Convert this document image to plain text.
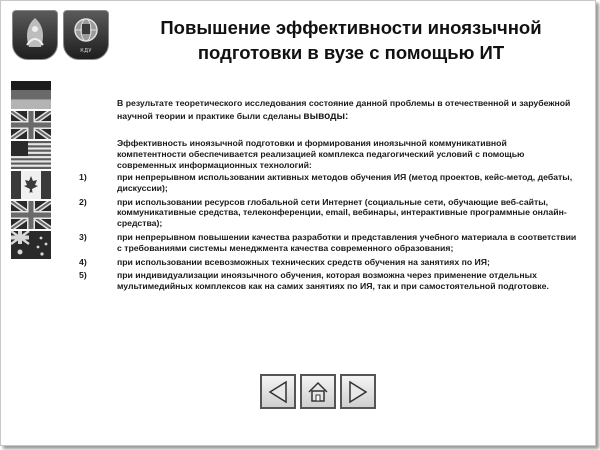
КДУ
Повышение эффективности иноязычной
подготовки в вузе с помощью ИТ
В результате теоретического исследования состояние данной проблемы в отечественной и зарубежной научной теории и практике были сделаны выводы:
Эффективность иноязычной подготовки и формирования иноязычной коммуникативной компетентности обеспечивается реализацией комплекса педагогический условий с помощью современных информационных технологий:
1)	при непрерывном использовании активных методов обучения ИЯ (метод проектов, кейс-метод, дебаты, дискуссии);
2)	при использовании ресурсов глобальной сети Интернет (социальные сети, обучающие веб-сайты, коммуникативные средства, телеконференции, email, вебинары, интерактивные программные онлайн-средства);
3)	при непрерывном повышении качества разработки и представления учебного материала в соответствии с требованиями системы менеджмента качества современного образования;
4)	при использовании всевозможных технических средств обучения на занятиях по ИЯ;
5)	при индивидуализации иноязычного обучения, которая возможна через применение отдельных мультимедийных комплексов как на самих занятиях по ИЯ, так и при самостоятельной подготовке.
